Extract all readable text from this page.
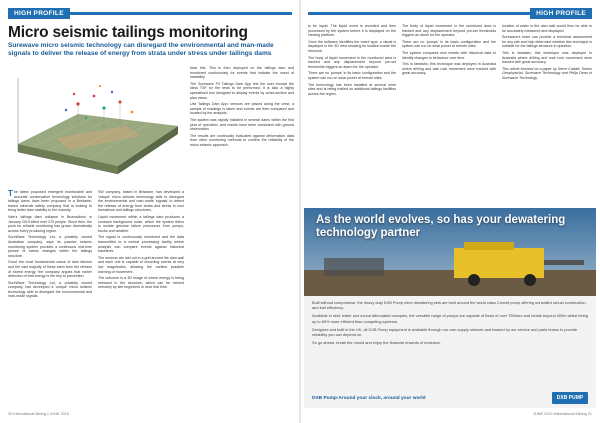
HIGH PROFILE
Micro seismic tailings monitoring
Surewave micro seismic technology can disregard the environmental and man-made signals to deliver the release of energy from strata under stress under tailings dams

The latest proposed emergent monitorable and accurate conservation technology solutions for tailings dams have been proposed in a Brisbane-based minerals safety company that is looking to bring better dam stability to the industry.

Vale's tailings dam collapse in Brumadinho in January 2019 killed over 270 people. Since then, the push for reliable monitoring has grown dramatically across every producing region.

SureWave Technology Ltd, a privately owned Australian company, says its passive seismic monitoring system provides a continuous real-time picture of stress changes within the tailings structure.

Good' the most fundamental cause of dam failures and the vast majority of these stem from the release of stored energy; the company argues that earlier detection of that energy is the key to prevention.

SureWave Technology Ltd, a privately owned company, has developed a 'unique' micro seismic technology able to disregard the environmental and man-made signals.

SW company, based in Brisbane, has developed a 'unique' micro seismic technology able to disregard the environmental and man-made 'signals' to detect the release of energy from strata and stress in rock formations and tailings structures.

Liquid movement within a tailings dam produces a constant background noise, which the system filters to isolate genuine failure precursors from pumps, trucks and weather.

The signal is continuously monitored and the data transmitted to a central processing facility where analysts can compare events against historical baselines.

The sensors are laid out in a grid around the dam wall and each unit is capable of recording events at very low magnitudes, allowing the earliest possible warning of movement.

The outcome is a 3D image of where energy is being released in the structure, which can be viewed remotely by site engineers in near real time.

bear this. This is then deployed on the tailings dam and monitored continuously for events that indicate the onset of instability.

The Surewave P3 Tailings Dam App lets the user choose the Ideal TSF for the tests to be performed. It is also a highly specialised tool designed to display events by cross-section and plan views.

Use Tailings Dam App: sensors are placed along the crest, a sample of readings is taken and events are then compared and located by the analysts.

The system was rapidly installed in several dams within the first year of operation, and results have been consistent with ground observation.

The results are continually evaluated against deformation data from other monitoring methods to confirm the reliability of the micro seismic approach.

HIGH PROFILE

to be liquid. The liquid event is recorded and then processed by the system before it is displayed on the viewing platform.

Once the software identifies the event type, a visual is displayed in the 3D view showing its location inside the structure.

The body of liquid movement in the monitored area is tracked and any displacement beyond pre-set thresholds triggers an alarm for the operator.

There are no 'pumps' in its basic configuration and the system can run on solar power at remote sites.

The technology has been installed at several mine sites and is being trialled on additional tailings facilities across the region.

The body of liquid movement in the monitored area is tracked and any displacement beyond pre-set thresholds triggers an alarm for the operator.

There are no 'pumps' in its basic configuration and the system can run on solar power at remote sites.

The system compares new events with historical data to identify changes in behaviour over time.

This is fantastic; this technique was deployed in Australia where drilling and wall rock movement were tracked with great accuracy.

location of water in the dam wall would then be able to be accurately measured and displayed.

Surewave's team can provide a technical assessment for any site and help determine whether this technique is suitable for the tailings structure in question.

This is fantastic; this technique was deployed in Australia where drilling and wall rock movement were tracked with great accuracy.

This article focused on a paper by Steve Caddie, Senior Geophysicist, Surewave Technology and Philip Dean of Surewave Technology.

As the world evolves, so has your dewatering technology partner

Built without compromise, the heavy duty DXB Pump mine dewatering sets are built around the world class Cornell pump offering unrivalled robust construction and fuel efficiency.

Available in skid, trailer and sound attenuated canopies, the versatile range of pumps are capable of flows of over 700l/sec and heads beyond 400m whilst being up to 60% more efficient than competing systems.

Designed and built in the UK, all DXB Pump equipment is available through our own supply network and backed by our service and parts teams to provide reliability you can depend on.

So go ahead, break the mould and enjoy the financial rewards of evolution.

DXB Pump-Around your clock, around your world	DXB PUMP
20 International Mining | JUNE 2019	JUNE 2019 International Mining 21
